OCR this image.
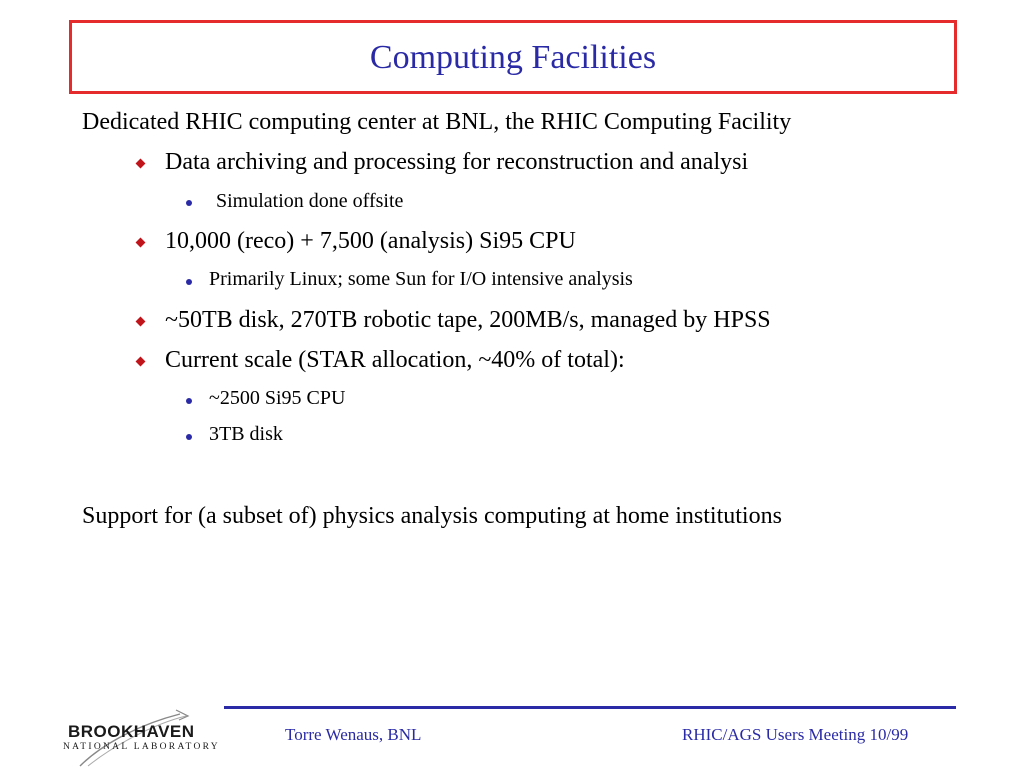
Computing Facilities
Dedicated RHIC computing center at BNL, the RHIC Computing Facility
Data archiving and processing for reconstruction and analysi
Simulation done offsite
10,000 (reco) + 7,500 (analysis) Si95 CPU
Primarily Linux; some Sun for I/O intensive analysis
~50TB disk, 270TB robotic tape, 200MB/s, managed by HPSS
Current scale (STAR allocation, ~40% of total):
~2500 Si95 CPU
3TB disk
Support for (a subset of) physics analysis computing at home institutions
BROOKHAVEN
NATIONAL LABORATORY
Torre Wenaus, BNL	RHIC/AGS Users Meeting 10/99
